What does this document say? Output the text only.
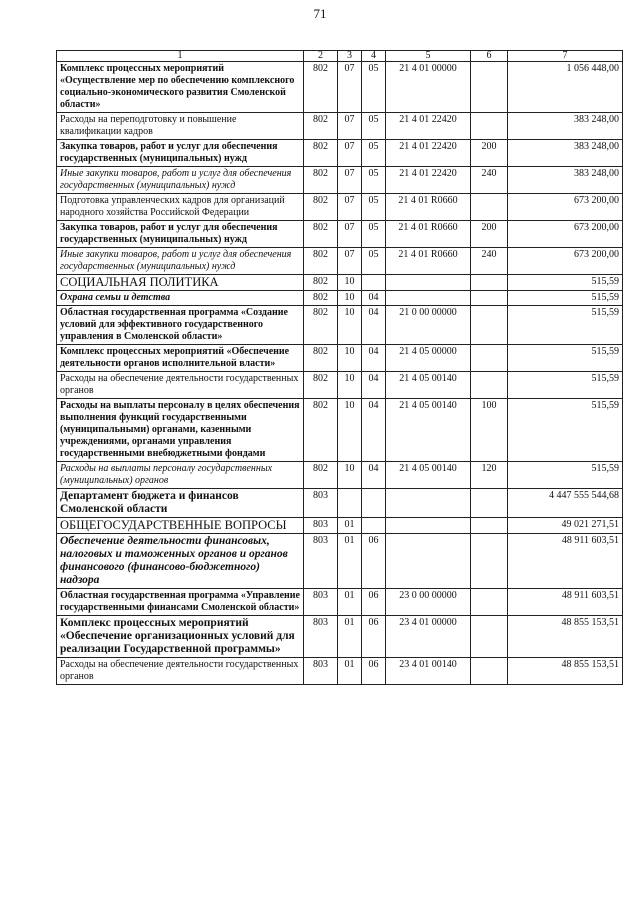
71
1	2	3	4	5	6	7
Комплекс процессных мероприятий «Осуществление мер по обеспечению комплексного социально-экономического развития Смоленской области»	802	07	05	21 4 01 00000		1 056 448,00
Расходы на переподготовку и повышение квалификации кадров	802	07	05	21 4 01 22420		383 248,00
Закупка товаров, работ и услуг для обеспечения государственных (муниципальных) нужд	802	07	05	21 4 01 22420	200	383 248,00
Иные закупки товаров, работ и услуг для обеспечения государственных (муниципальных) нужд	802	07	05	21 4 01 22420	240	383 248,00
Подготовка управленческих кадров для организаций народного хозяйства Российской Федерации	802	07	05	21 4 01 R0660		673 200,00
Закупка товаров, работ и услуг для обеспечения государственных (муниципальных) нужд	802	07	05	21 4 01 R0660	200	673 200,00
Иные закупки товаров, работ и услуг для обеспечения государственных (муниципальных) нужд	802	07	05	21 4 01 R0660	240	673 200,00
СОЦИАЛЬНАЯ ПОЛИТИКА	802	10				515,59
Охрана семьи и детства	802	10	04			515,59
Областная государственная программа «Создание условий для эффективного государственного управления в Смоленской области»	802	10	04	21 0 00 00000		515,59
Комплекс процессных мероприятий «Обеспечение деятельности органов исполнительной власти»	802	10	04	21 4 05 00000		515,59
Расходы на обеспечение деятельности государственных органов	802	10	04	21 4 05 00140		515,59
Расходы на выплаты персоналу в целях обеспечения выполнения функций государственными (муниципальными) органами, казенными учреждениями, органами управления государственными внебюджетными фондами	802	10	04	21 4 05 00140	100	515,59
Расходы на выплаты персоналу государственных (муниципальных) органов	802	10	04	21 4 05 00140	120	515,59
Департамент бюджета и финансов Смоленской области	803					4 447 555 544,68
ОБЩЕГОСУДАРСТВЕННЫЕ ВОПРОСЫ	803	01				49 021 271,51
Обеспечение деятельности финансовых, налоговых и таможенных органов и органов финансового (финансово-бюджетного) надзора	803	01	06			48 911 603,51
Областная государственная программа «Управление государственными финансами Смоленской области»	803	01	06	23 0 00 00000		48 911 603,51
Комплекс процессных мероприятий «Обеспечение организационных условий для реализации Государственной программы»	803	01	06	23 4 01 00000		48 855 153,51
Расходы на обеспечение деятельности государственных органов	803	01	06	23 4 01 00140		48 855 153,51
